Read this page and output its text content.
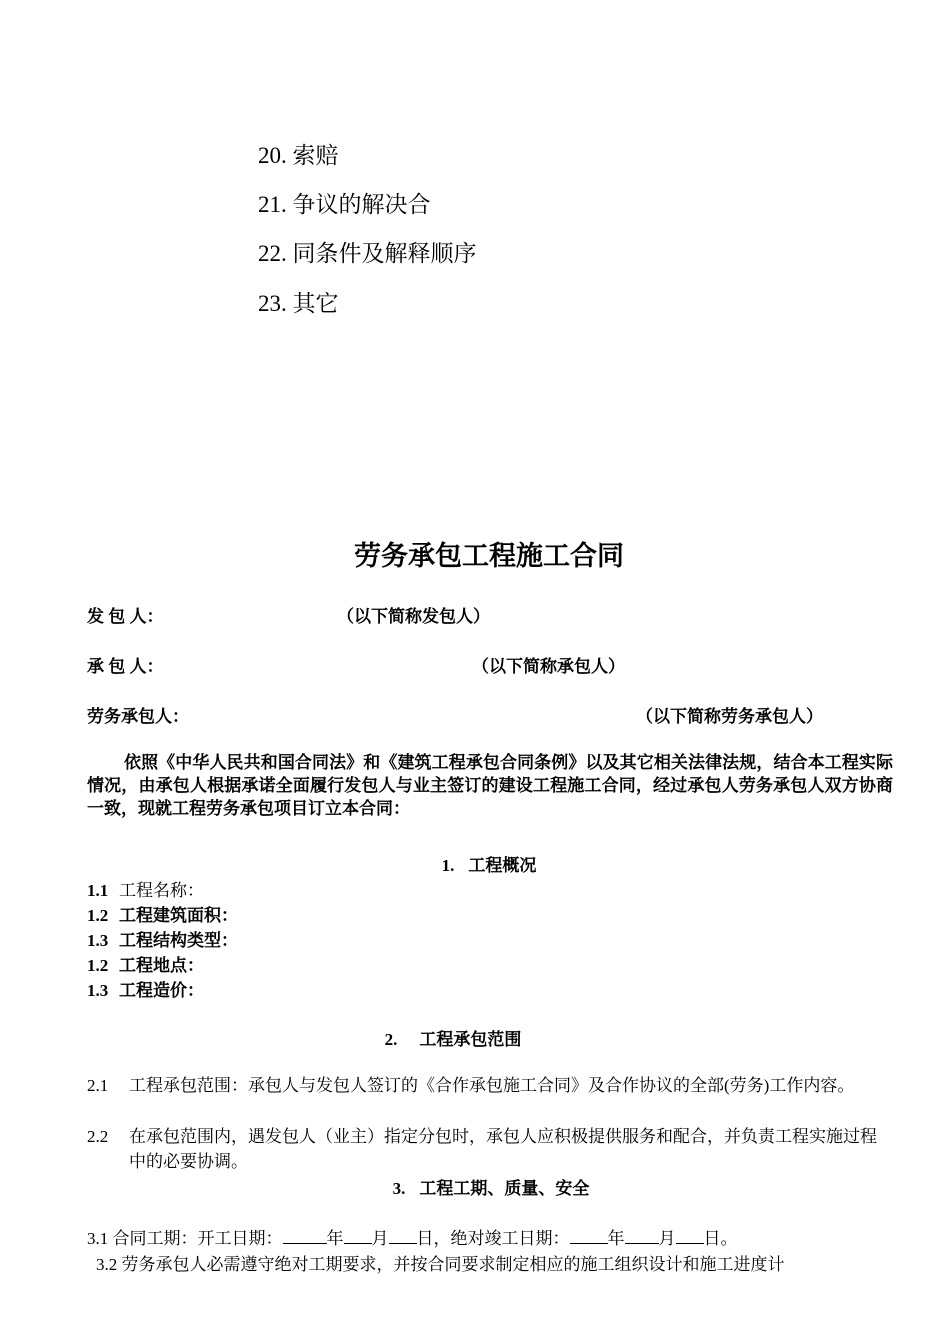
20. 索赔
21. 争议的解决合
22. 同条件及解释顺序
23. 其它
劳务承包工程施工合同
发 包 人：	（以下简称发包人）
承 包 人：	（以下简称承包人）
劳务承包人：	（以下简称劳务承包人）
依照《中华人民共和国合同法》和《建筑工程承包合同条例》以及其它相关法律法规，结合本工程实际情况，由承包人根据承诺全面履行发包人与业主签订的建设工程施工合同，经过承包人劳务承包人双方协商一致，现就工程劳务承包项目订立本合同：
1. 工程概况
1.1 工程名称：
1.2 工程建筑面积：
1.3 工程结构类型：
1.2 工程地点：
1.3 工程造价：
2. 工程承包范围
2.1 工程承包范围：承包人与发包人签订的《合作承包施工合同》及合作协议的全部(劳务)工作内容。
2.2 在承包范围内，遇发包人（业主）指定分包时，承包人应积极提供服务和配合，并负责工程实施过程中的必要协调。
3. 工程工期、质量、安全
3.1 合同工期：开工日期：	年 月 日，绝对竣工日期： 年 月 日。
3.2 劳务承包人必需遵守绝对工期要求，并按合同要求制定相应的施工组织设计和施工进度计
